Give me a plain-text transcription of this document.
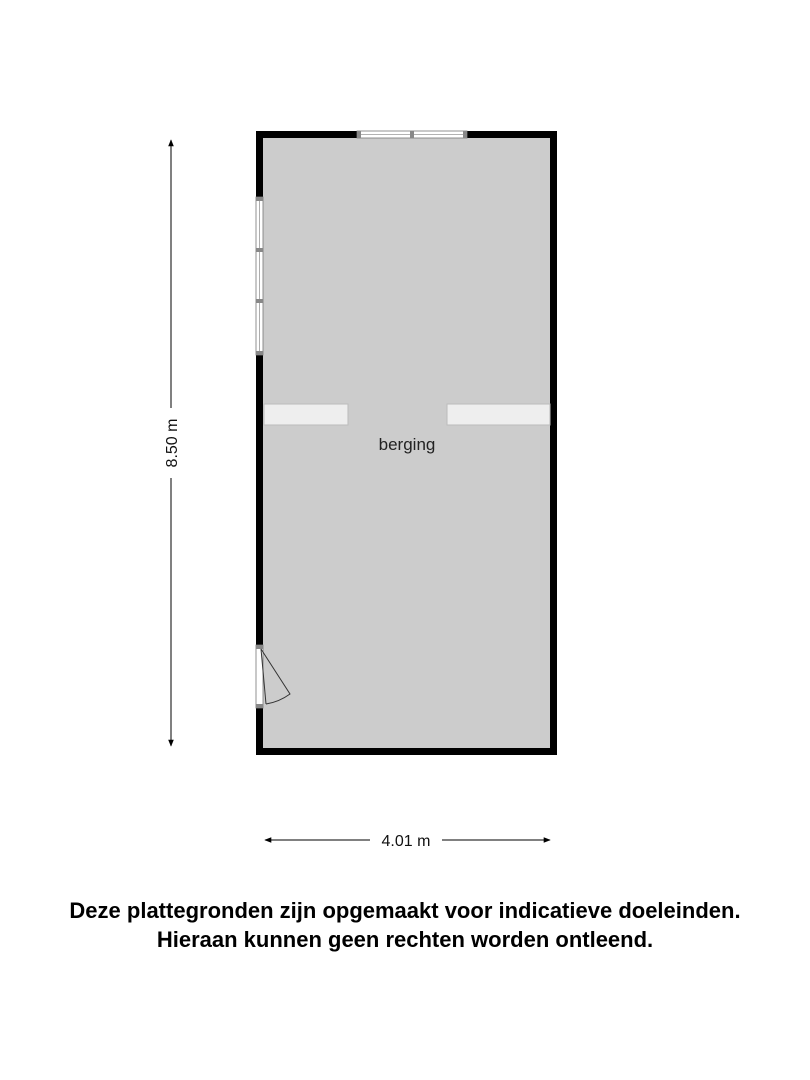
berging
8.50 m
4.01 m
Deze plattegronden zijn opgemaakt voor indicatieve doeleinden.
Hieraan kunnen geen rechten worden ontleend.
